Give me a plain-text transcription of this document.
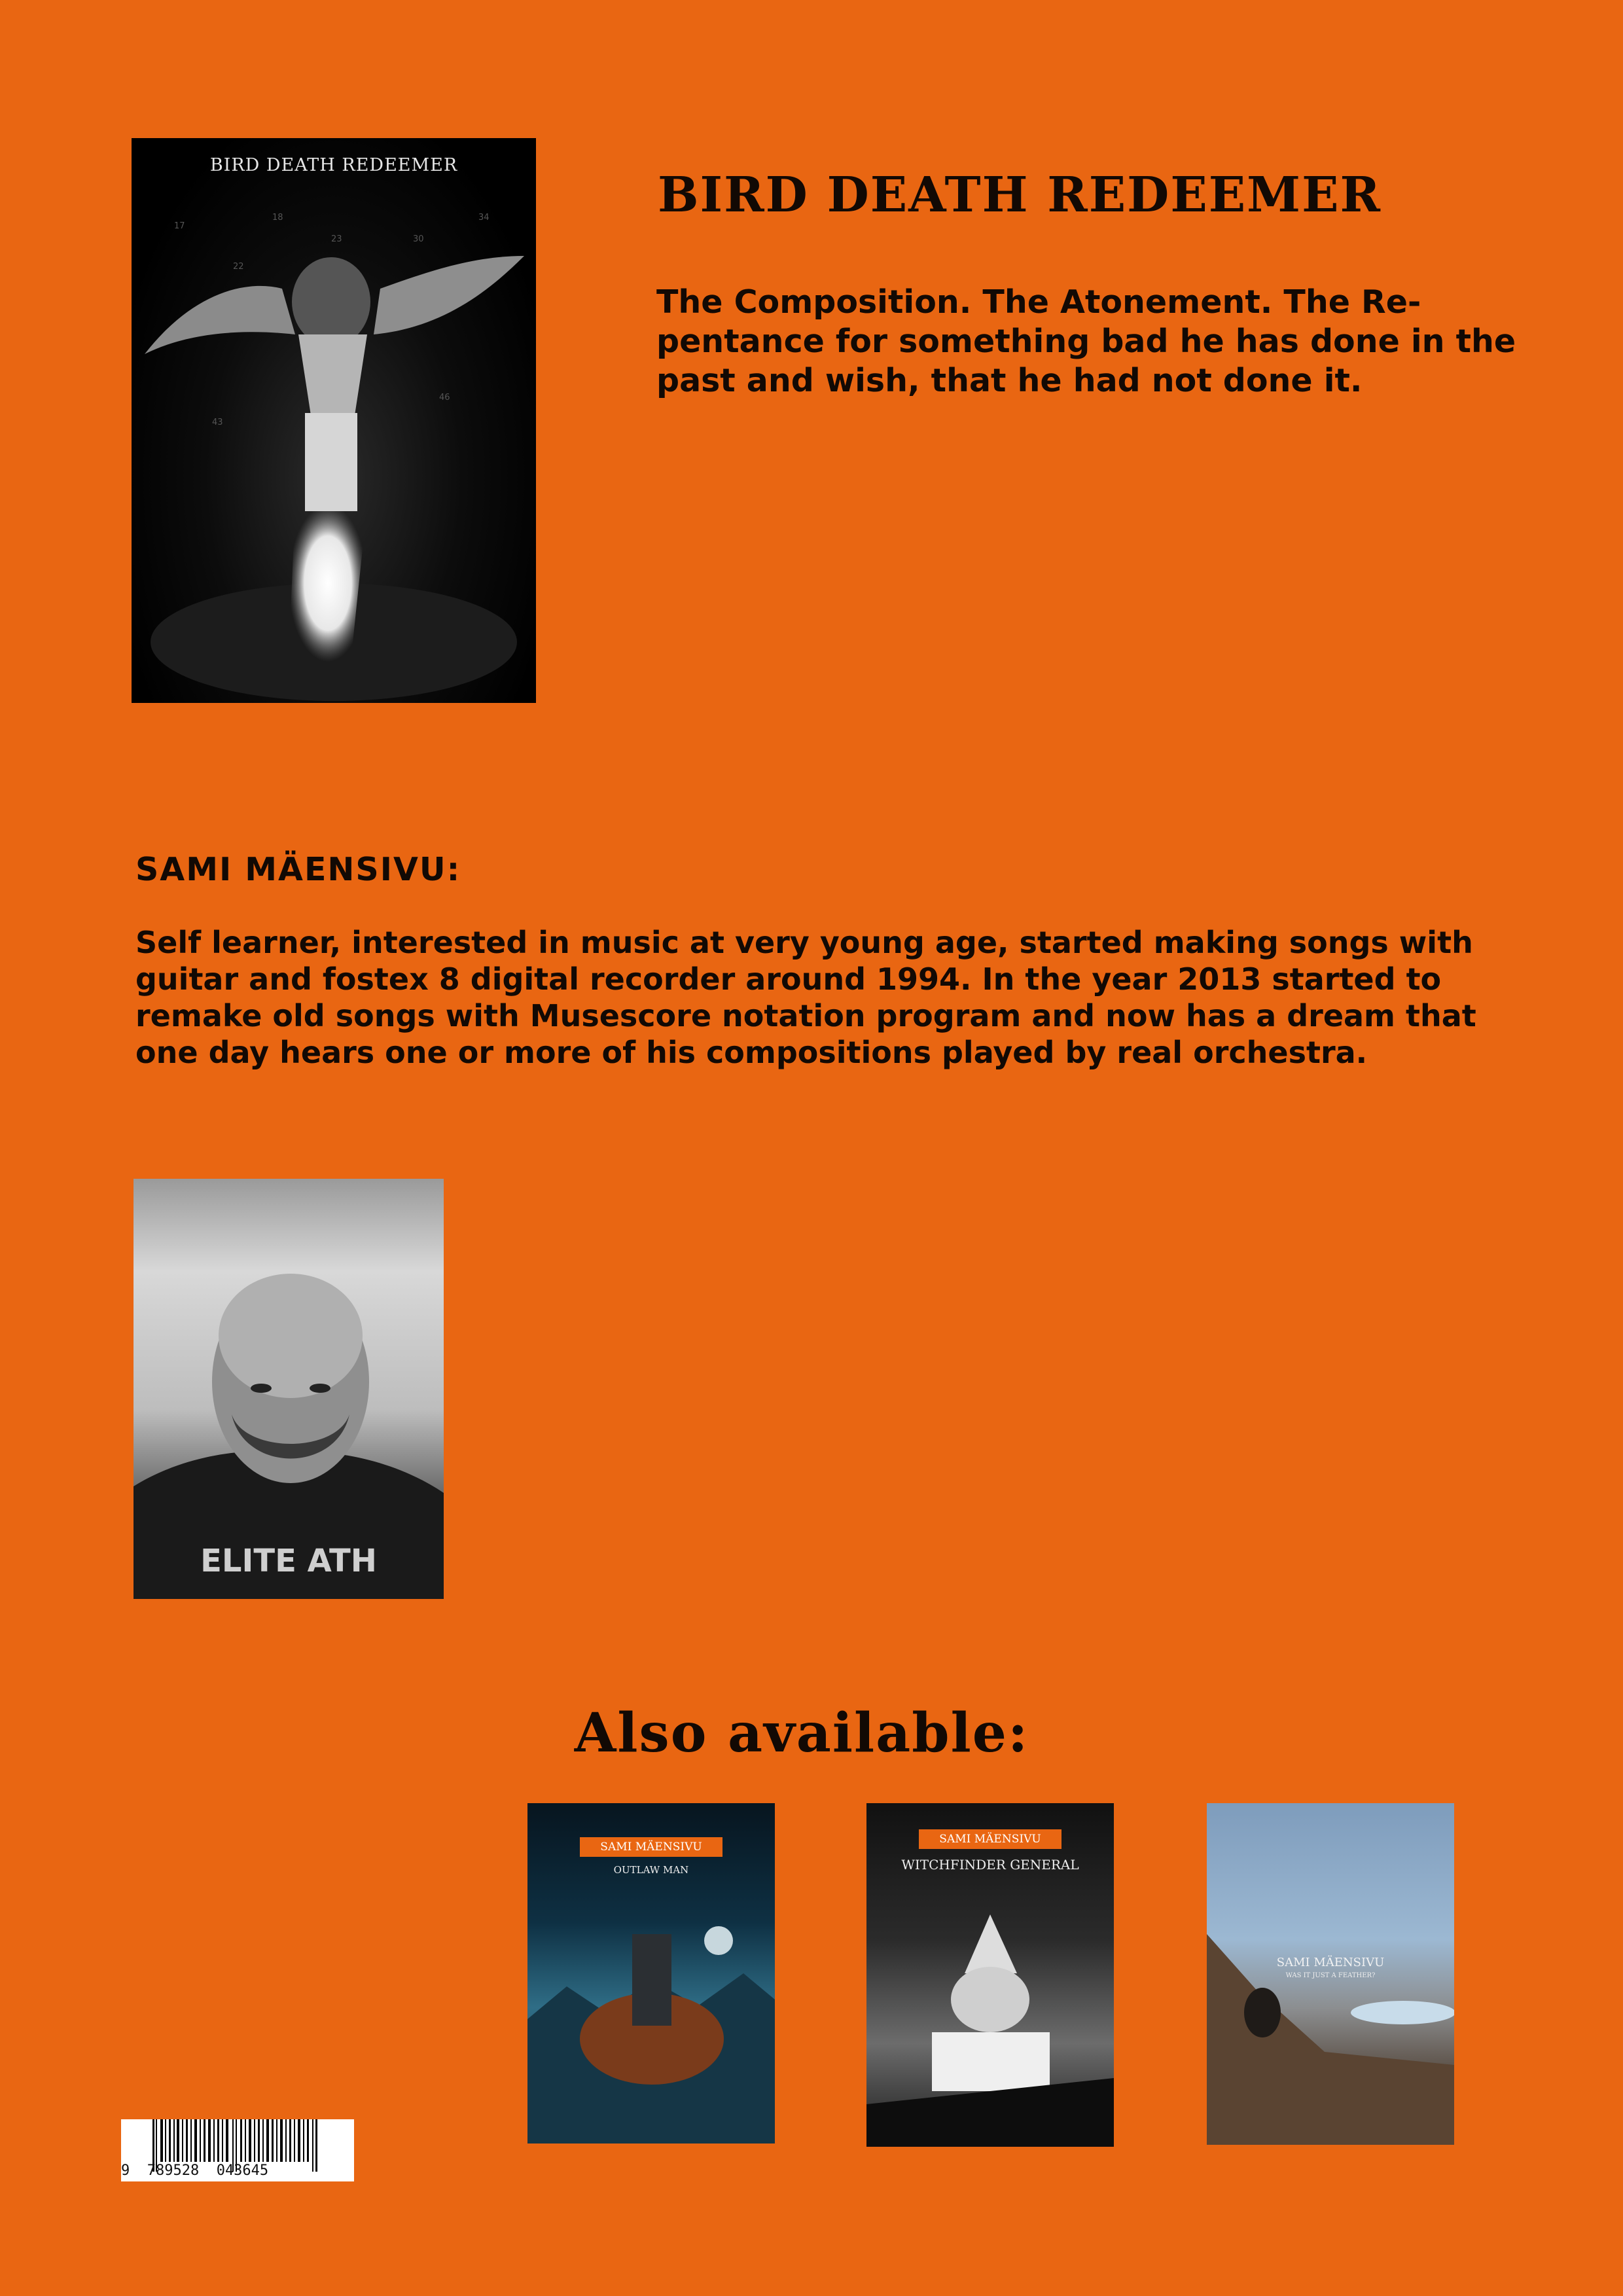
BIRD DEATH REDEEMER
17
18
23	30
34
22
46
43
BIRD DEATH REDEEMER
The Composition. The Atonement. The Re-pentance for something bad he has done in the past and wish, that he had not done it.
SAMI MÄENSIVU:
Self learner, interested in music at very young age, started making songs with guitar and fostex 8 digital recorder around 1994. In the year 2013 started to remake old songs with Musescore notation program and now has a dream that one day hears one or more of his compositions played by real orchestra.
ELITE ATH
Also available:
SAMI MÄENSIVU
OUTLAW MAN
SAMI MÄENSIVU
WITCHFINDER GENERAL
SAMI MÄENSIVU
WAS IT JUST A FEATHER?
9  789528  043645
